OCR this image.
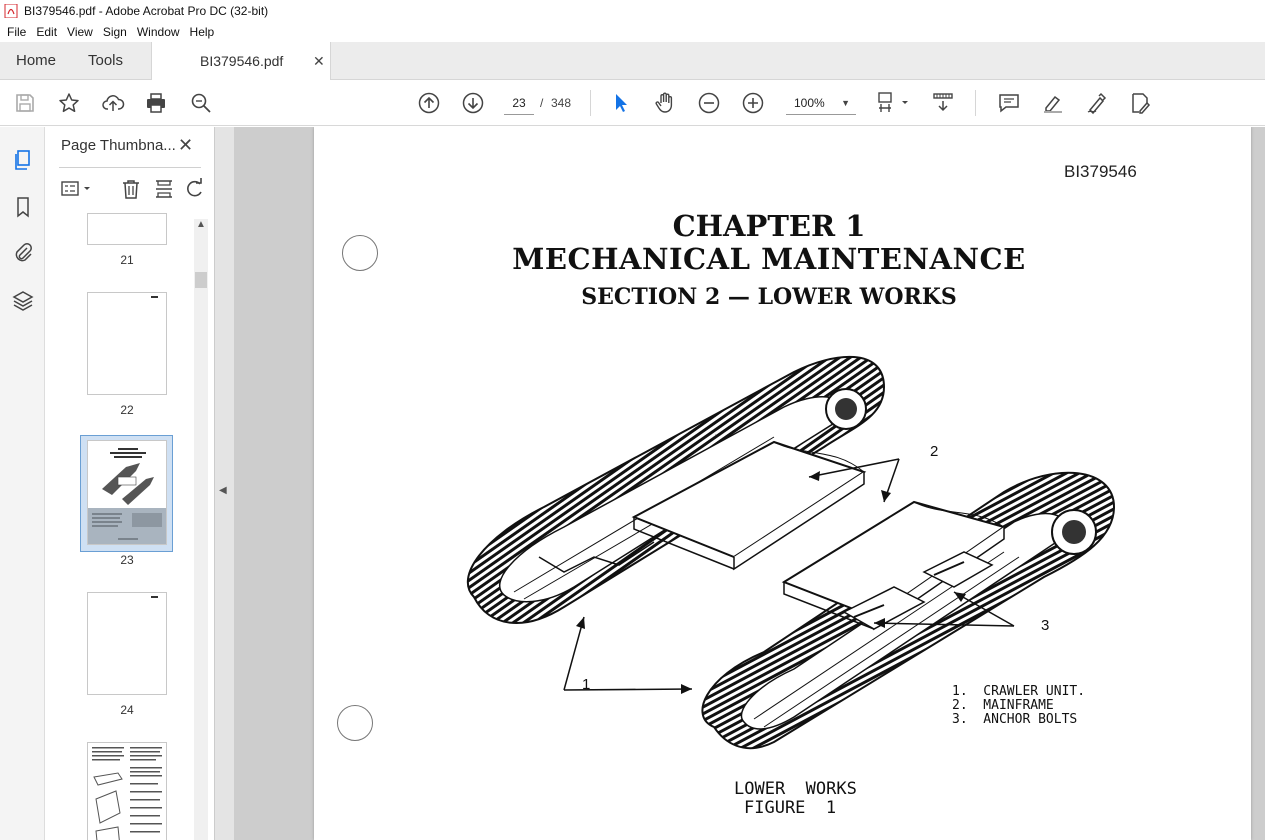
BI379546.pdf - Adobe Acrobat Pro DC (32-bit)
File Edit View Sign Window Help
Home Tools	BI379546.pdf ✕
23	/ 348	100% ▼
Page Thumbna... ✕
21
22
23
24
▲
◀
BI379546
CHAPTER 1
MECHANICAL MAINTENANCE
SECTION 2 — LOWER WORKS
2
3
1	1.  CRAWLER UNIT.
2.  MAINFRAME
3.  ANCHOR BOLTS
LOWER  WORKS
FIGURE  1
